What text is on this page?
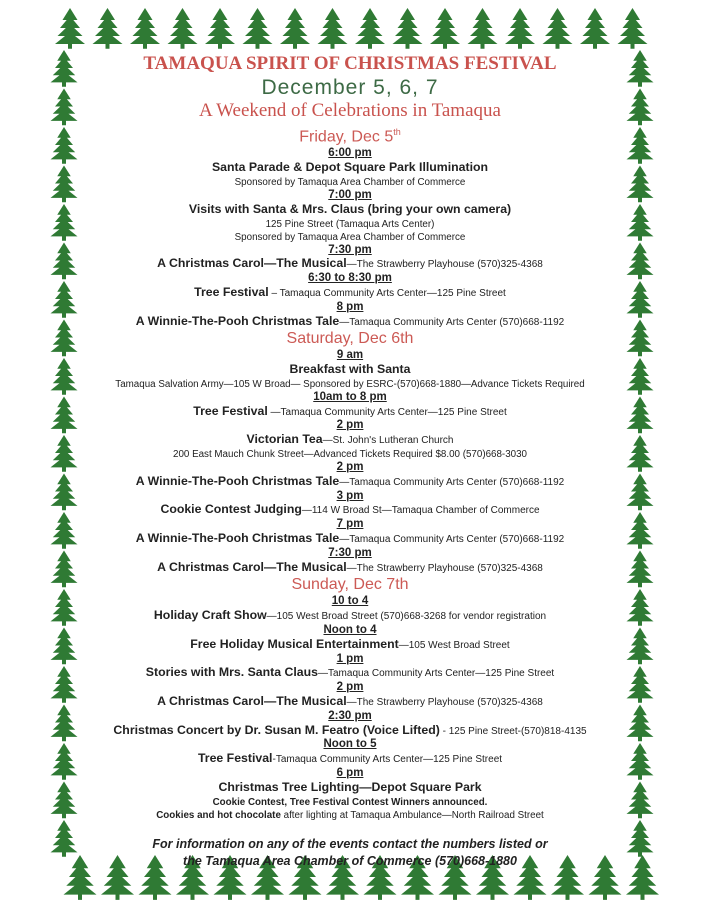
TAMAQUA SPIRIT OF CHRISTMAS FESTIVAL
December 5, 6, 7
A Weekend of Celebrations in Tamaqua
Friday, Dec 5th
6:00 pm
Santa Parade & Depot Square Park Illumination
Sponsored by Tamaqua Area Chamber of Commerce
7:00 pm
Visits with Santa & Mrs. Claus (bring your own camera)
125 Pine Street (Tamaqua Arts Center)
Sponsored by Tamaqua Area Chamber of Commerce
7:30 pm
A Christmas Carol—The Musical—The Strawberry Playhouse (570)325-4368
6:30 to 8:30 pm
Tree Festival – Tamaqua Community Arts Center—125 Pine Street
8 pm
A Winnie-The-Pooh Christmas Tale—Tamaqua Community Arts Center (570)668-1192
Saturday, Dec 6th
9 am
Breakfast with Santa
Tamaqua Salvation Army—105 W Broad— Sponsored by ESRC-(570)668-1880—Advance Tickets Required
10am to 8 pm
Tree Festival —Tamaqua Community Arts Center—125 Pine Street
2 pm
Victorian Tea—St. John's Lutheran Church
200 East Mauch Chunk Street—Advanced Tickets Required $8.00 (570)668-3030
2 pm
A Winnie-The-Pooh Christmas Tale—Tamaqua Community Arts Center (570)668-1192
3 pm
Cookie Contest Judging—114 W Broad St—Tamaqua Chamber of Commerce
7 pm
A Winnie-The-Pooh Christmas Tale—Tamaqua Community Arts Center (570)668-1192
7:30 pm
A Christmas Carol—The Musical—The Strawberry Playhouse (570)325-4368
Sunday, Dec 7th
10 to 4
Holiday Craft Show—105 West Broad Street (570)668-3268 for vendor registration
Noon to 4
Free Holiday Musical Entertainment—105 West Broad Street
1 pm
Stories with Mrs. Santa Claus—Tamaqua Community Arts Center—125 Pine Street
2 pm
A Christmas Carol—The Musical—The Strawberry Playhouse (570)325-4368
2:30 pm
Christmas Concert by Dr. Susan M. Featro (Voice Lifted) - 125 Pine Street-(570)818-4135
Noon to 5
Tree Festival-Tamaqua Community Arts Center—125 Pine Street
6 pm
Christmas Tree Lighting—Depot Square Park
Cookie Contest, Tree Festival Contest Winners announced.
Cookies and hot chocolate after lighting at Tamaqua Ambulance—North Railroad Street
For information on any of the events contact the numbers listed or
the Tamaqua Area Chamber of Commerce (570)668-1880
